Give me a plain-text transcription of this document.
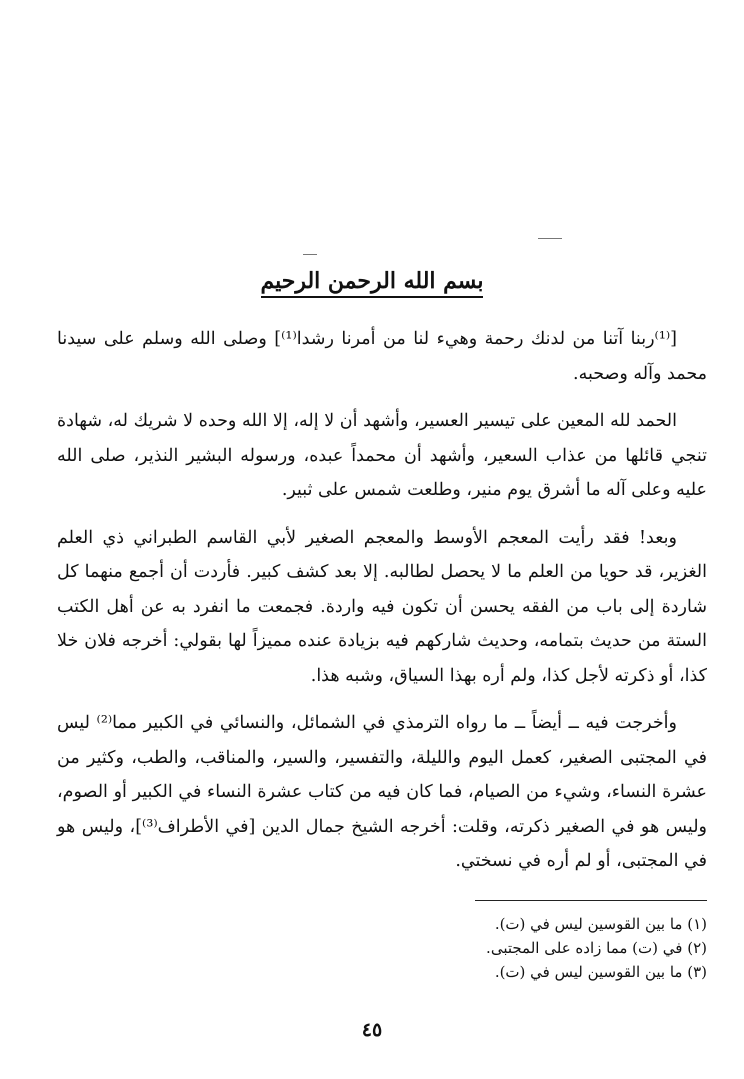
بسم الله الرحمن الرحيم

[⁽¹⁾ربنا آتنا من لدنك رحمة وهيء لنا من أمرنا رشدا⁽¹⁾] وصلى الله وسلم على سيدنا محمد وآله وصحبه.

الحمد لله المعين على تيسير العسير، وأشهد أن لا إله، إلا الله وحده لا شريك له، شهادة تنجي قائلها من عذاب السعير، وأشهد أن محمداً عبده، ورسوله البشير النذير، صلى الله عليه وعلى آله ما أشرق يوم منير، وطلعت شمس على ثبير.

وبعد! فقد رأيت المعجم الأوسط والمعجم الصغير لأبي القاسم الطبراني ذي العلم الغزير، قد حويا من العلم ما لا يحصل لطالبه. إلا بعد كشف كبير. فأردت أن أجمع منهما كل شاردة إلى باب من الفقه يحسن أن تكون فيه واردة. فجمعت ما انفرد به عن أهل الكتب الستة من حديث بتمامه، وحديث شاركهم فيه بزيادة عنده مميزاً لها بقولي: أخرجه فلان خلا كذا، أو ذكرته لأجل كذا، ولم أره بهذا السياق، وشبه هذا.

وأخرجت فيه ــ أيضاً ــ ما رواه الترمذي في الشمائل، والنسائي في الكبير مما⁽²⁾ ليس في المجتبى الصغير، كعمل اليوم والليلة، والتفسير، والسير، والمناقب، والطب، وكثير من عشرة النساء، وشيء من الصيام، فما كان فيه من كتاب عشرة النساء في الكبير أو الصوم، وليس هو في الصغير ذكرته، وقلت: أخرجه الشيخ جمال الدين [في الأطراف⁽³⁾]، وليس هو في المجتبى، أو لم أره في نسختي.

(١) ما بين القوسين ليس في (ت).
(٢) في (ت) مما زاده على المجتبى.
(٣) ما بين القوسين ليس في (ت).
٤٥
